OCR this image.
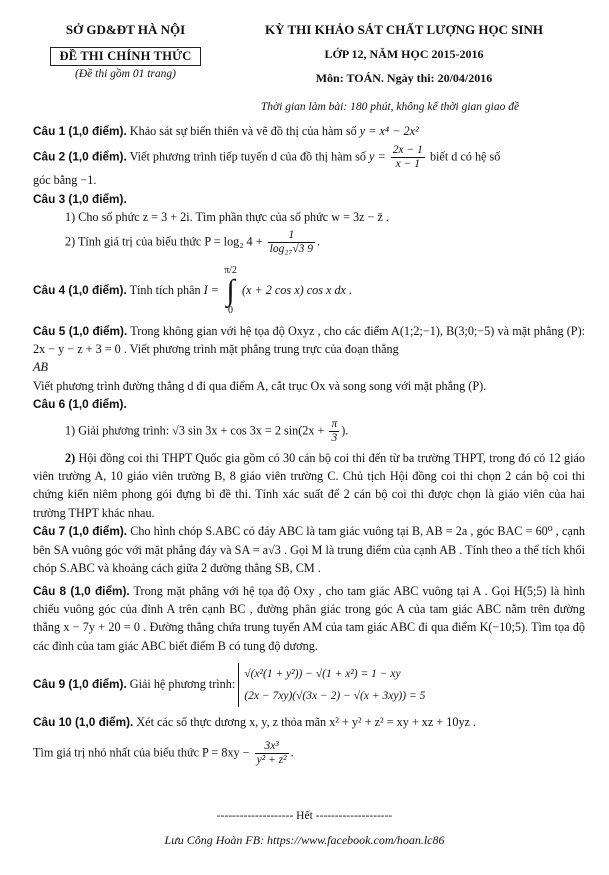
SỞ GD&ĐT HÀ NỘI
ĐỀ THI CHÍNH THỨC
(Đề thi gồm 01 trang)
KỲ THI KHẢO SÁT CHẤT LƯỢNG HỌC SINH
LỚP 12, NĂM HỌC 2015-2016
Môn: TOÁN. Ngày thi: 20/04/2016
Thời gian làm bài: 180 phút, không kể thời gian giao đề

Câu 1 (1,0 điểm). Khảo sát sự biến thiên và vẽ đồ thị của hàm số y = x⁴ − 2x²

Câu 2 (1,0 điểm). Viết phương trình tiếp tuyến d của đồ thị hàm số $y = \frac{2x - 1}{x - 1}$ biết d có hệ số
góc bằng −1.

Câu 3 (1,0 điểm).

1) Cho số phức z = 3 + 2i. Tìm phần thực của số phức w = 3z − z̄ .

2) Tính giá trị của biểu thức P = log₂ $4 + \frac{1}{\text{log₂₇√3 9}}$ .

Câu 4 (1,0 điểm). Tính tích phân I =
π/2
∫
0
(x + 2 cos x) cos x dx .

Câu 5 (1,0 điểm). Trong không gian với hệ tọa độ Oxyz , cho các điểm A(1;2;−1), B(3;0;−5) và mặt phẳng (P): 2x − y − z + 3 = 0 . Viết phương trình mặt phẳng trung trực của đoạn thẳng
AB
Viết phương trình đường thẳng d đi qua điểm A, cắt trục Ox và song song với mặt phẳng (P).

Câu 6 (1,0 điểm).

1) Giải phương trình: √3 sin 3x + cos 3x = 2 $\sin(2x + \frac{\pi}{3}$ ).

2) Hội đồng coi thi THPT Quốc gia gồm có 30 cán bộ coi thi đến từ ba trường THPT, trong đó có 12 giáo viên trường A, 10 giáo viên trường B, 8 giáo viên trường C. Chủ tịch Hội đồng coi thi chọn 2 cán bộ coi thi chứng kiến niêm phong gói đựng bì đề thi. Tính xác suất để 2 cán bộ coi thi được chọn là giáo viên của hai trường THPT khác nhau.

Câu 7 (1,0 điểm). Cho hình chóp S.ABC có đáy ABC là tam giác vuông tại B, AB = 2a , góc BAC = 60⁰ , cạnh bên SA vuông góc với mặt phẳng đáy và SA = a√3 . Gọi M là trung điểm của cạnh AB . Tính theo a thể tích khối chóp S.ABC và khoảng cách giữa 2 đường thẳng SB, CM .

Câu 8 (1,0 điểm). Trong mặt phẳng với hệ tọa độ Oxy , cho tam giác ABC vuông tại A . Gọi H(5;5) là hình chiếu vuông góc của đỉnh A trên cạnh BC , đường phân giác trong góc A của tam giác ABC nằm trên đường thẳng x − 7y + 20 = 0 . Đường thẳng chứa trung tuyến AM của tam giác ABC đi qua điểm K(−10;5). Tìm tọa độ các đỉnh của tam giác ABC biết điểm B có tung độ dương.

Câu 9 (1,0 điểm). Giải hệ phương trình:
√(x²(1 + y²)) − √(1 + x²) = 1 − xy
(2x − 7xy)(√(3x − 2) − √(x + 3xy)) = 5

Câu 10 (1,0 điểm). Xét các số thực dương x, y, z thỏa mãn x² + y² + z² = xy + xz + 10yz .

Tìm giá trị nhỏ nhất của biểu thức $P = 8xy - \frac{\text{3x³}}{\text{y² + z²}}$ .

-------------------- Hết --------------------
Lưu Công Hoàn FB: https://www.facebook.com/hoan.lc86
